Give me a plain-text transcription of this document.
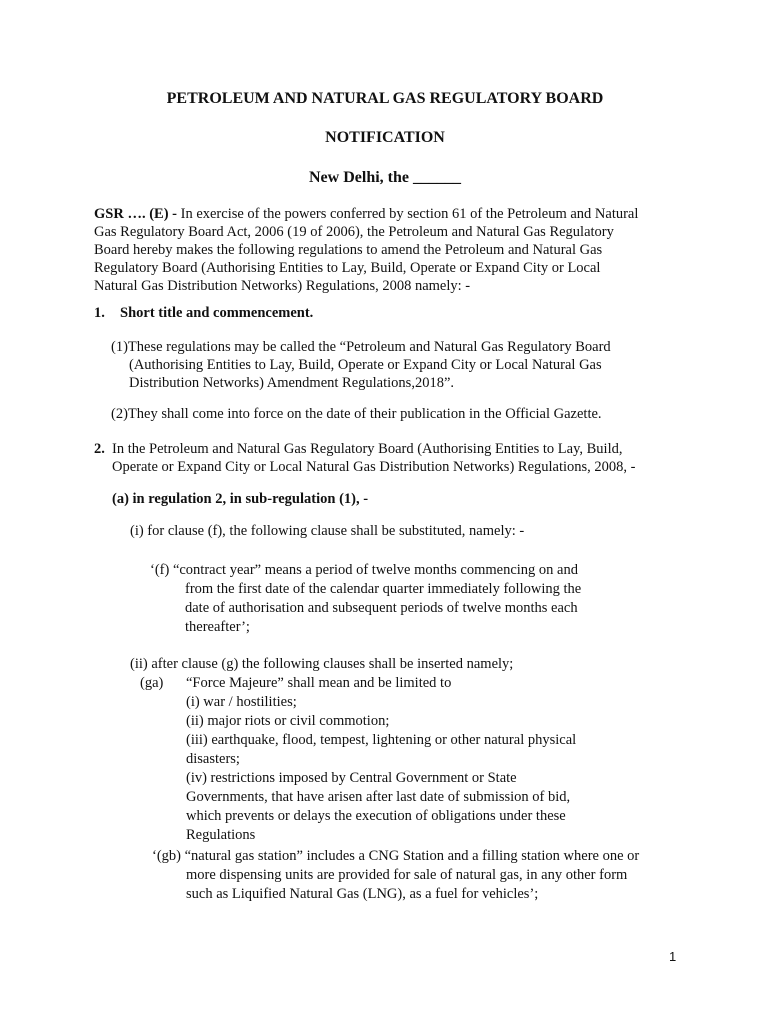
PETROLEUM AND NATURAL GAS REGULATORY BOARD
NOTIFICATION
New Delhi, the ______
GSR …. (E) - In exercise of the powers conferred by section 61 of the Petroleum and Natural
Gas Regulatory Board Act, 2006 (19 of 2006), the Petroleum and Natural Gas Regulatory
Board hereby makes the following regulations to amend the Petroleum and Natural Gas
Regulatory Board (Authorising Entities to Lay, Build, Operate or Expand City or Local
Natural Gas Distribution Networks) Regulations, 2008 namely: -
1. Short title and commencement.
(1)These regulations may be called the “Petroleum and Natural Gas Regulatory Board
(Authorising Entities to Lay, Build, Operate or Expand City or Local Natural Gas
Distribution Networks) Amendment Regulations,2018”.
(2)They shall come into force on the date of their publication in the Official Gazette.
2. In the Petroleum and Natural Gas Regulatory Board (Authorising Entities to Lay, Build,
Operate or Expand City or Local Natural Gas Distribution Networks) Regulations, 2008, -
(a) in regulation 2, in sub-regulation (1), -
(i) for clause (f), the following clause shall be substituted, namely: -
‘(f) “contract year” means a period of twelve months commencing on and
from the first date of the calendar quarter immediately following the
date of authorisation and subsequent periods of twelve months each
thereafter’;
(ii) after clause (g) the following clauses shall be inserted namely;
(ga) “Force Majeure” shall mean and be limited to
(i) war / hostilities;
(ii) major riots or civil commotion;
(iii) earthquake, flood, tempest, lightening or other natural physical
disasters;
(iv) restrictions imposed by Central Government or State
Governments, that have arisen after last date of submission of bid,
which prevents or delays the execution of obligations under these
Regulations
‘(gb) “natural gas station” includes a CNG Station and a filling station where one or
more dispensing units are provided for sale of natural gas, in any other form
such as Liquified Natural Gas (LNG), as a fuel for vehicles’;
1
